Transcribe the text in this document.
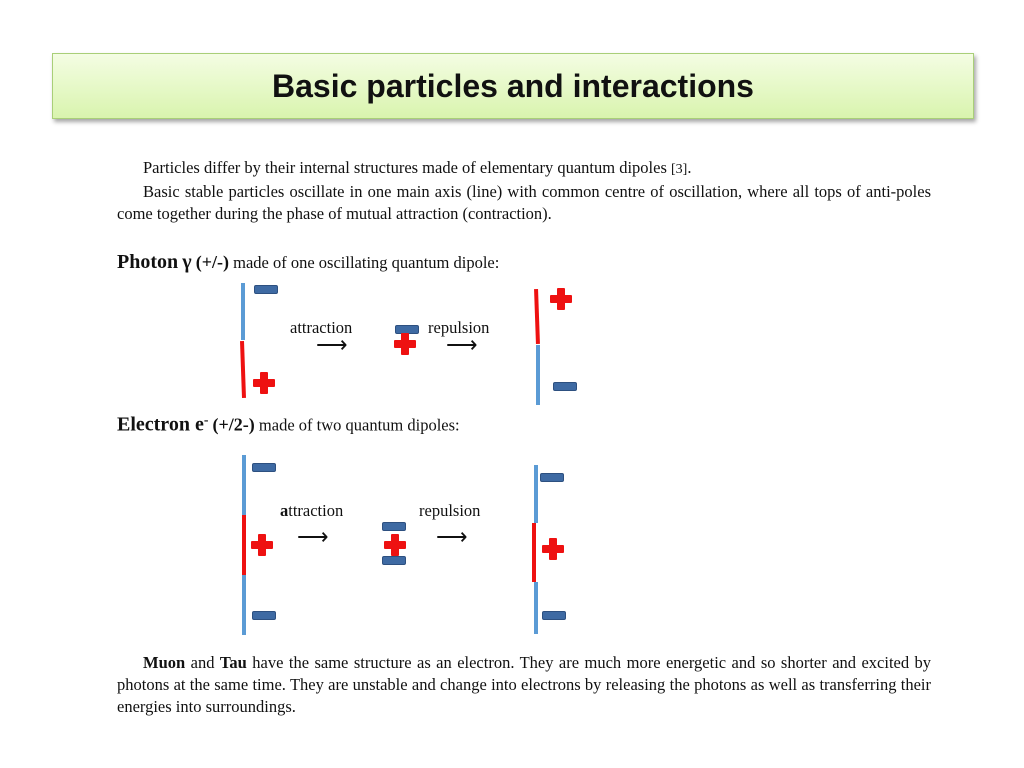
Basic particles and interactions

Particles differ by their internal structures made of elementary quantum dipoles [3].

Basic stable particles oscillate in one main axis (line) with common centre of oscillation, where all tops of anti-poles come together during the phase of mutual attraction (contraction).

Photon γ (+/-) made of one oscillating quantum dipole:
attraction
⟶
repulsion
⟶
Electron e- (+/2-) made of two quantum dipoles:
attraction
⟶
repulsion
⟶

Muon and Tau have the same structure as an electron. They are much more energetic and so shorter and excited by photons at the same time. They are unstable and change into electrons by releasing the photons as well as transferring their energies into surroundings.
